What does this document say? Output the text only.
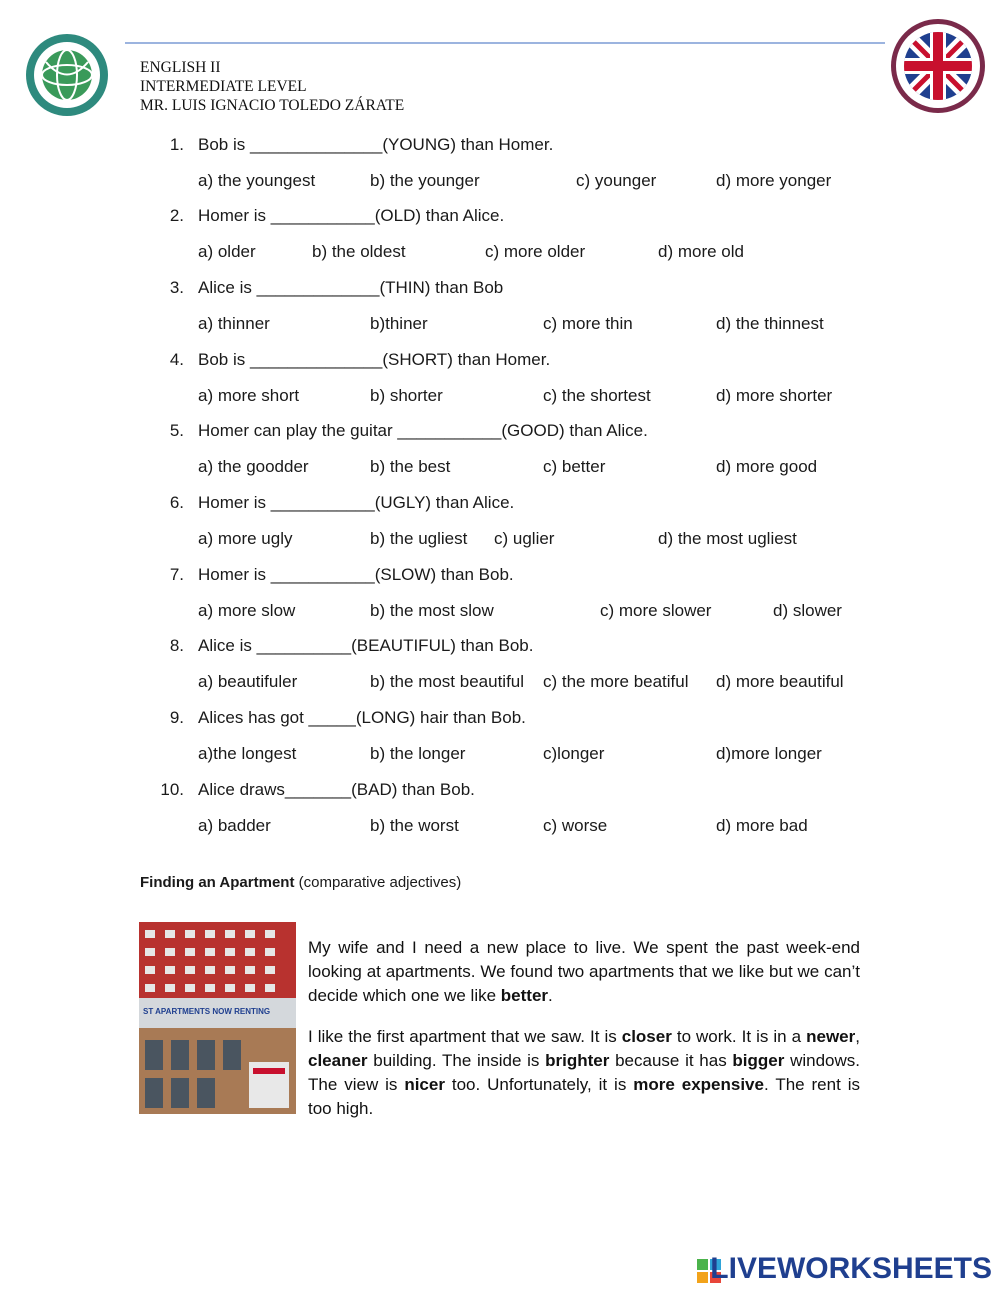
ENGLISH II
INTERMEDIATE LEVEL
MR. LUIS IGNACIO TOLEDO ZÁRATE
1. Bob is ______________(YOUNG) than Homer.
a) the youngest	b) the younger	c) younger	d) more yonger
2. Homer is ___________(OLD) than Alice.
a) older	b) the oldest	c) more older	d) more old
3. Alice is _____________(THIN) than Bob
a) thinner	b)thiner	c) more thin	d) the thinnest
4. Bob is ______________(SHORT) than Homer.
a) more short	b) shorter	c) the shortest	d) more shorter
5. Homer can play the guitar ___________(GOOD) than Alice.
a) the goodder	b) the best	c) better	d) more good
6. Homer is ___________(UGLY) than Alice.
a) more ugly	b) the ugliest c) uglier	d) the most ugliest
7. Homer is ___________(SLOW) than Bob.
a) more slow	b) the most slow	c) more slower	d) slower
8. Alice is __________(BEAUTIFUL) than Bob.
a) beautifuler	b) the most beautiful c) the more beatiful d) more beautiful
9. Alices has got _____(LONG) hair than Bob.
a)the longest	b) the longer	c)longer	d)more longer
10. Alice draws_______(BAD) than Bob.
a) badder	b) the worst	c) worse	d) more bad
Finding an Apartment (comparative adjectives)
ST APARTMENTS NOW RENTING
My wife and I need a new place to live. We spent the past week-end looking at apartments. We found two apartments that we like but we can’t decide which one we like better.
I like the first apartment that we saw. It is closer to work. It is in a newer, cleaner building. The inside is brighter because it has bigger windows. The view is nicer too. Unfortunately, it is more expensive. The rent is too high.
LIVEWORKSHEETS
